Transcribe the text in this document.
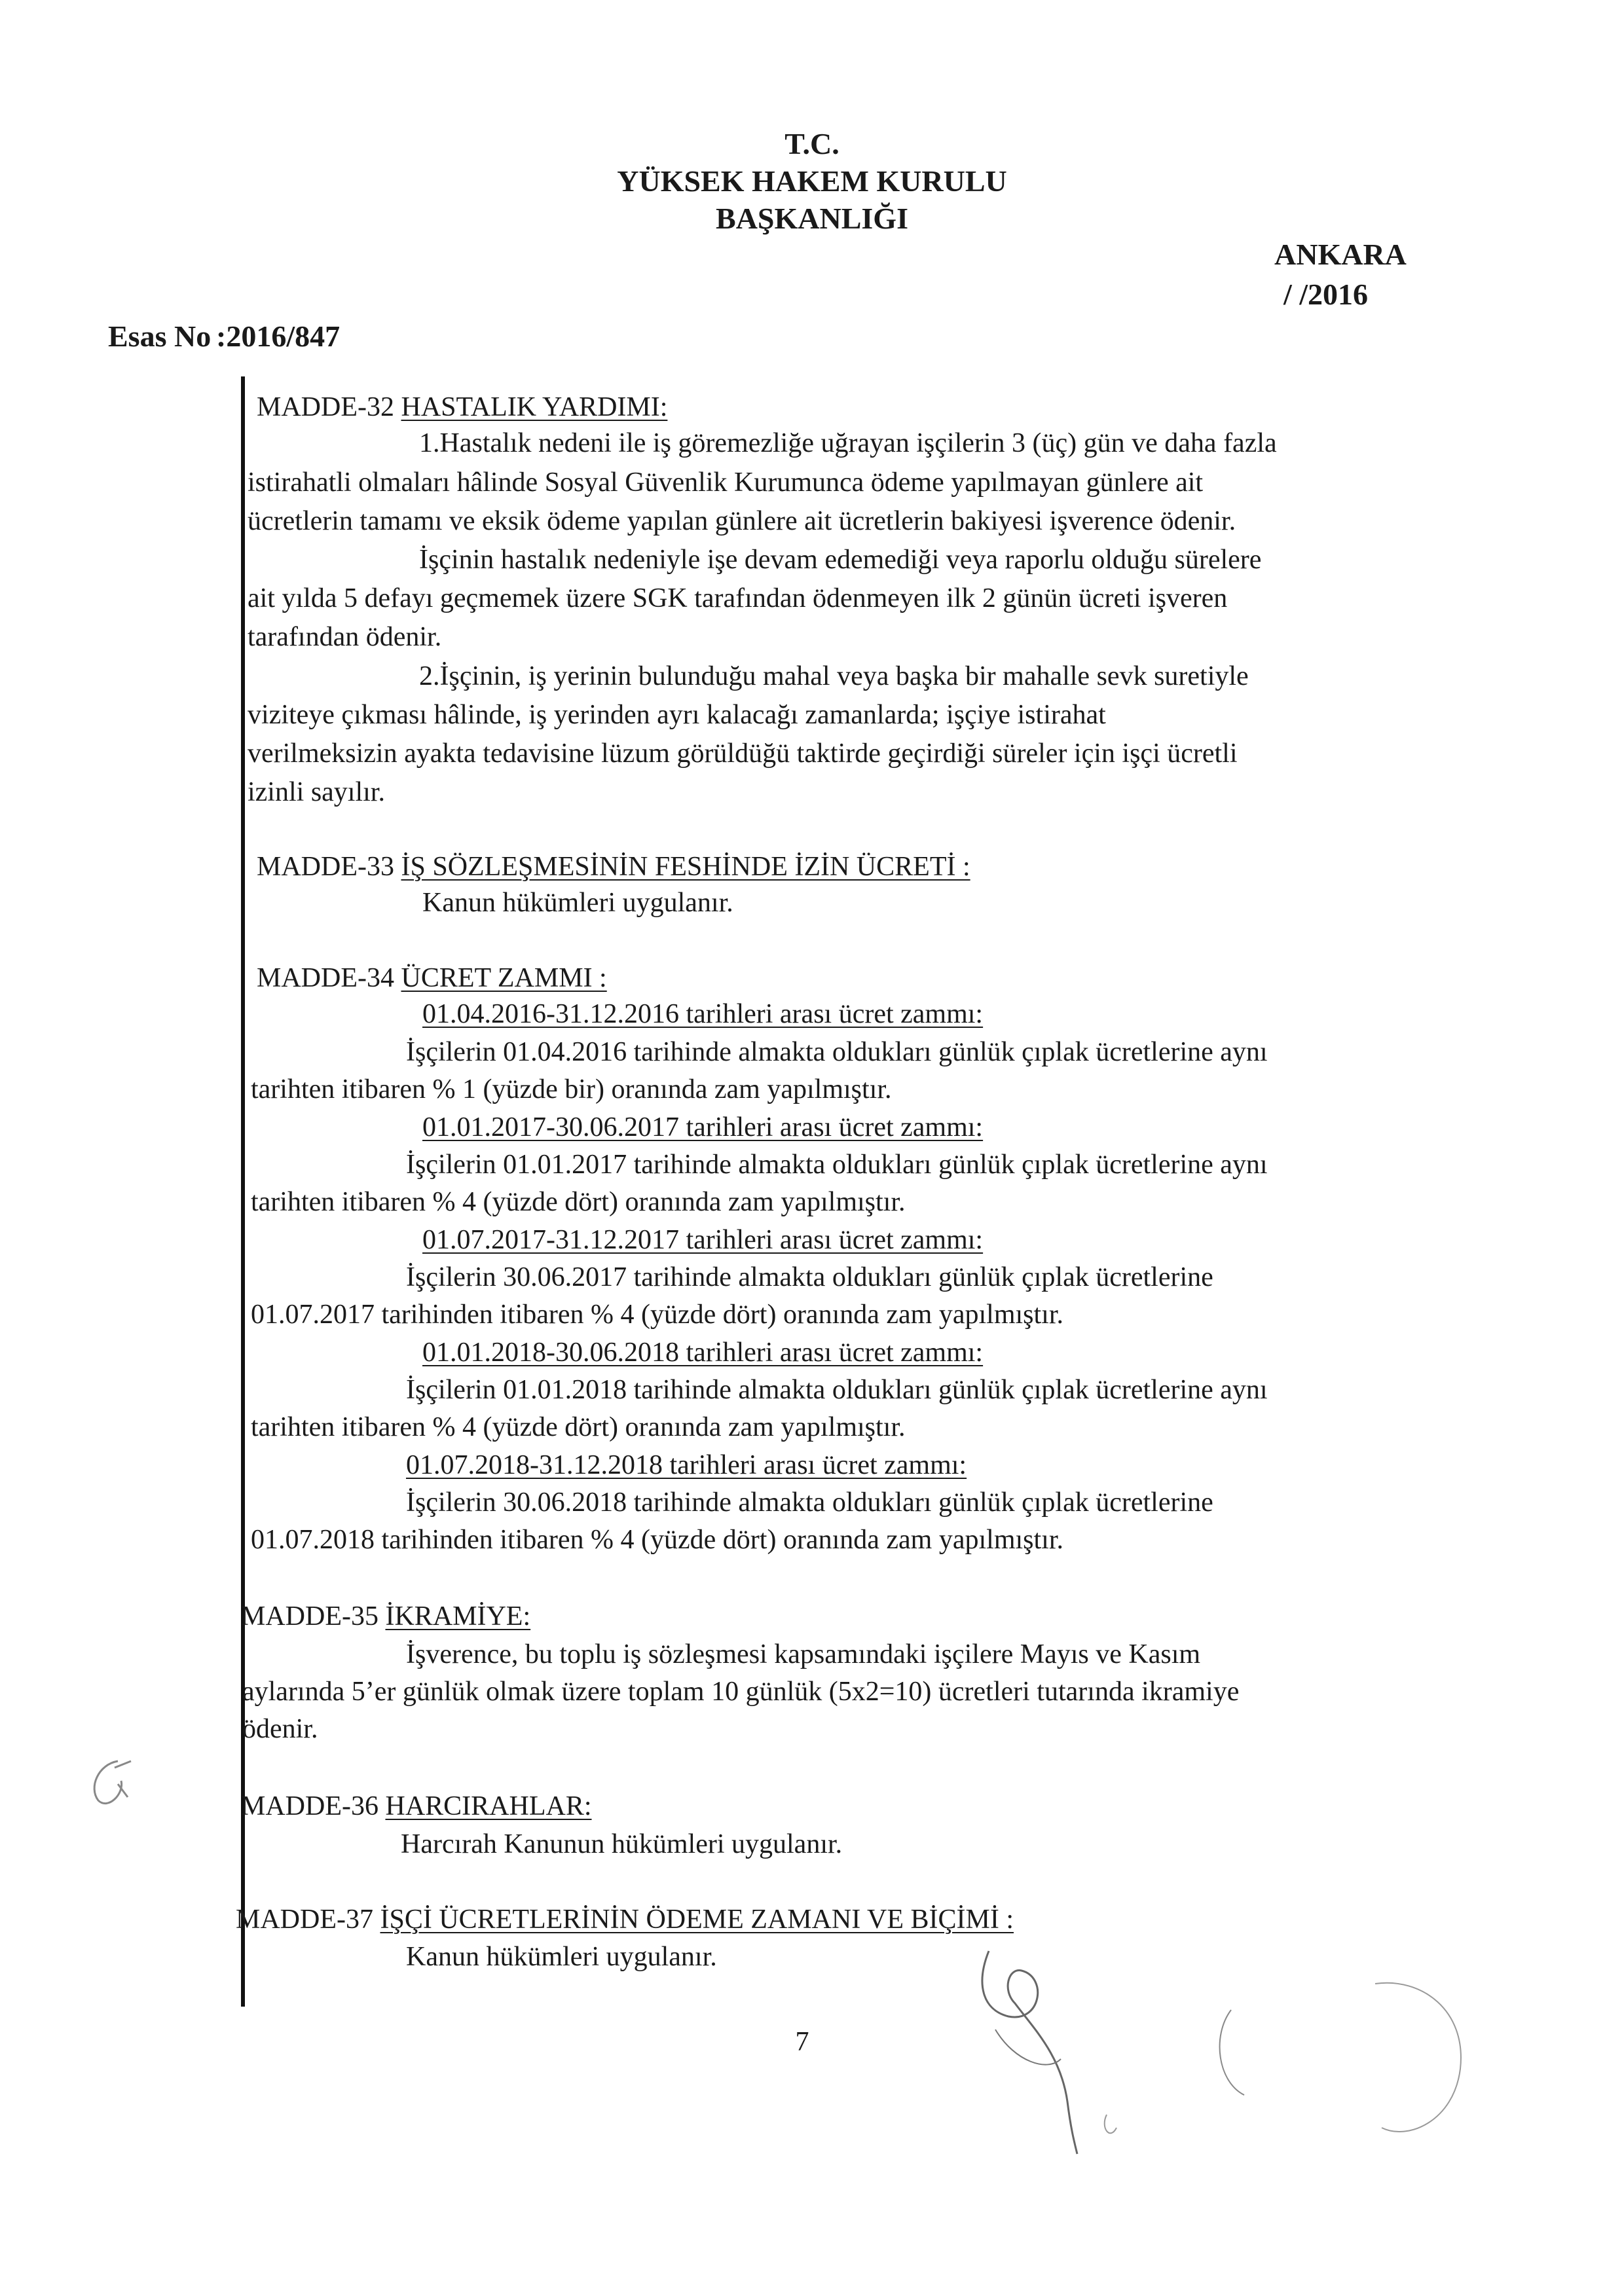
T.C.
YÜKSEK HAKEM KURULU
BAŞKANLIĞI
ANKARA
/ /2016
Esas No :2016/847
MADDE-32 HASTALIK YARDIMI:
1.Hastalık nedeni ile iş göremezliğe uğrayan işçilerin 3 (üç) gün ve daha fazla
istirahatli olmaları hâlinde Sosyal Güvenlik Kurumunca ödeme yapılmayan günlere ait
ücretlerin tamamı ve eksik ödeme yapılan günlere ait ücretlerin bakiyesi işverence ödenir.
İşçinin hastalık nedeniyle işe devam edemediği veya raporlu olduğu sürelere
ait yılda 5 defayı geçmemek üzere SGK tarafından ödenmeyen ilk 2 günün ücreti işveren
tarafından ödenir.
2.İşçinin, iş yerinin bulunduğu mahal veya başka bir mahalle sevk suretiyle
viziteye çıkması hâlinde, iş yerinden ayrı kalacağı zamanlarda; işçiye istirahat
verilmeksizin ayakta tedavisine lüzum görüldüğü taktirde geçirdiği süreler için işçi ücretli
izinli sayılır.
MADDE-33 İŞ SÖZLEŞMESİNİN FESHİNDE İZİN ÜCRETİ :
Kanun hükümleri uygulanır.
MADDE-34 ÜCRET ZAMMI :
01.04.2016-31.12.2016 tarihleri arası ücret zammı:
İşçilerin 01.04.2016 tarihinde almakta oldukları günlük çıplak ücretlerine aynı
tarihten itibaren % 1 (yüzde bir) oranında zam yapılmıştır.
01.01.2017-30.06.2017 tarihleri arası ücret zammı:
İşçilerin 01.01.2017 tarihinde almakta oldukları günlük çıplak ücretlerine aynı
tarihten itibaren % 4 (yüzde dört) oranında zam yapılmıştır.
01.07.2017-31.12.2017 tarihleri arası ücret zammı:
İşçilerin 30.06.2017 tarihinde almakta oldukları günlük çıplak ücretlerine
01.07.2017 tarihinden itibaren % 4 (yüzde dört) oranında zam yapılmıştır.
01.01.2018-30.06.2018 tarihleri arası ücret zammı:
İşçilerin 01.01.2018 tarihinde almakta oldukları günlük çıplak ücretlerine aynı
tarihten itibaren % 4 (yüzde dört) oranında zam yapılmıştır.
01.07.2018-31.12.2018 tarihleri arası ücret zammı:
İşçilerin 30.06.2018 tarihinde almakta oldukları günlük çıplak ücretlerine
01.07.2018 tarihinden itibaren % 4 (yüzde dört) oranında zam yapılmıştır.
MADDE-35 İKRAMİYE:
İşverence, bu toplu iş sözleşmesi kapsamındaki işçilere Mayıs ve Kasım
aylarında 5’er günlük olmak üzere toplam 10 günlük (5x2=10) ücretleri tutarında ikramiye
ödenir.
MADDE-36 HARCIRAHLAR:
Harcırah Kanunun hükümleri uygulanır.
MADDE-37 İŞÇİ ÜCRETLERİNİN ÖDEME ZAMANI VE BİÇİMİ :
Kanun hükümleri uygulanır.
7
